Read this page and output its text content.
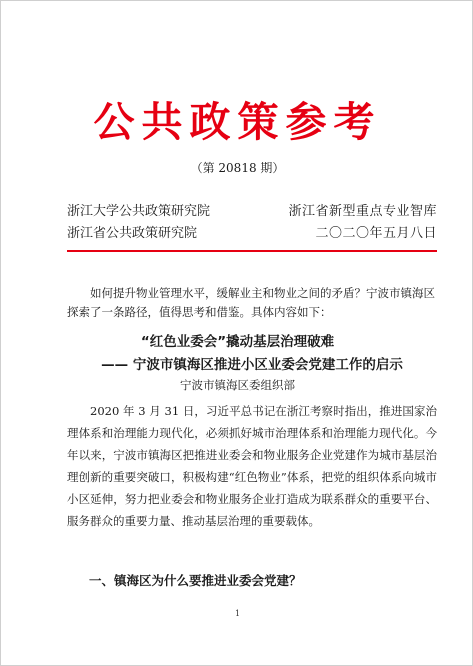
公共政策参考
（第 20818 期）
浙江大学公共政策研究院	浙江省新型重点专业智库
浙江省公共政策研究院	二〇二〇年五月八日

如何提升物业管理水平，缓解业主和物业之间的矛盾？宁波市镇海区探索了一条路径，值得思考和借鉴。具体内容如下：

“红色业委会”撬动基层治理破难
—— 宁波市镇海区推进小区业委会党建工作的启示
宁波市镇海区委组织部

2020 年 3 月 31 日，习近平总书记在浙江考察时指出，推进国家治理体系和治理能力现代化，必须抓好城市治理体系和治理能力现代化。今年以来，宁波市镇海区把推进业委会和物业服务企业党建作为城市基层治理创新的重要突破口，积极构建“红色物业”体系，把党的组织体系向城市小区延伸，努力把业委会和物业服务企业打造成为联系群众的重要平台、服务群众的重要力量、推动基层治理的重要载体。

一、镇海区为什么要推进业委会党建？
1
